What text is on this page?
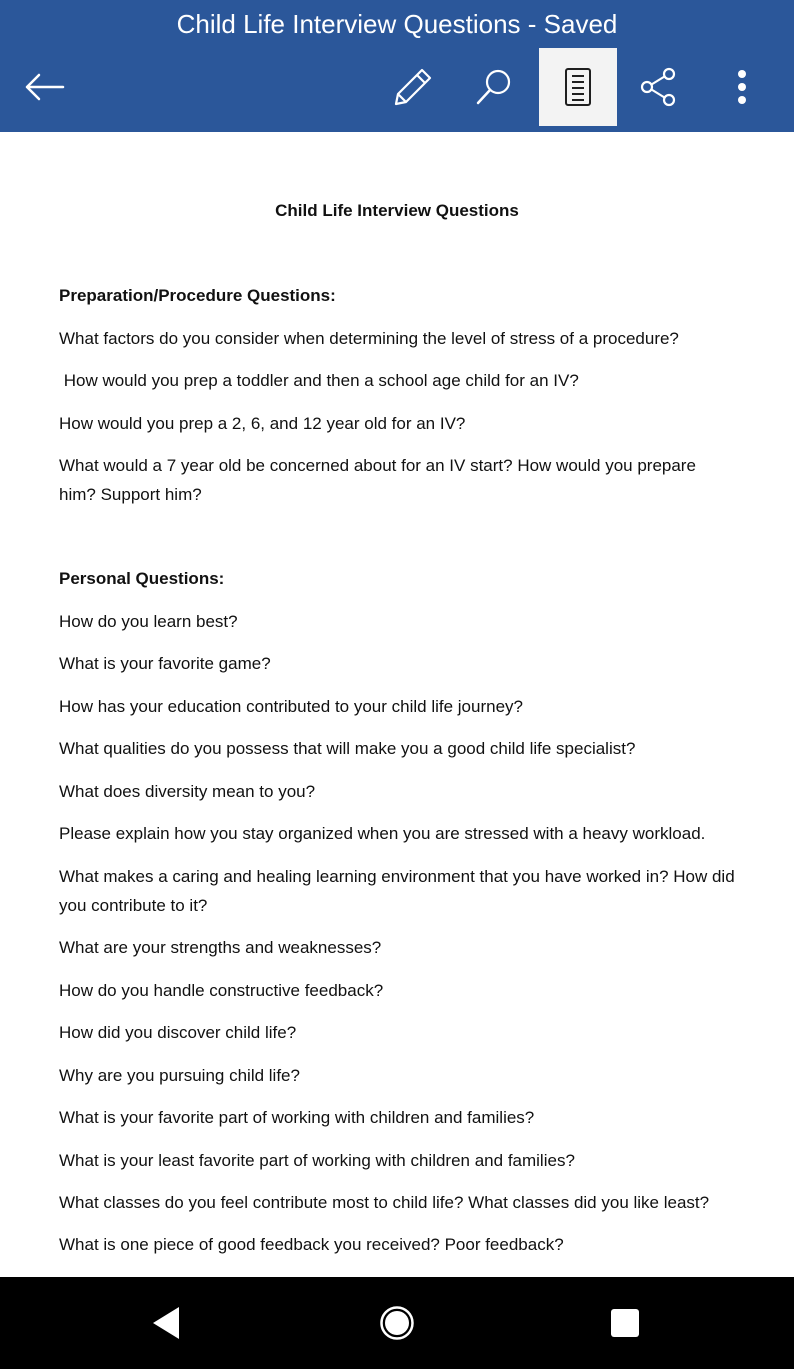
Child Life Interview Questions - Saved
Child Life Interview Questions
Preparation/Procedure Questions:
What factors do you consider when determining the level of stress of a procedure?
How would you prep a toddler and then a school age child for an IV?
How would you prep a 2, 6, and 12 year old for an IV?
What would a 7 year old be concerned about for an IV start? How would you prepare him? Support him?
Personal Questions:
How do you learn best?
What is your favorite game?
How has your education contributed to your child life journey?
What qualities do you possess that will make you a good child life specialist?
What does diversity mean to you?
Please explain how you stay organized when you are stressed with a heavy workload.
What makes a caring and healing learning environment that you have worked in? How did you contribute to it?
What are your strengths and weaknesses?
How do you handle constructive feedback?
How did you discover child life?
Why are you pursuing child life?
What is your favorite part of working with children and families?
What is your least favorite part of working with children and families?
What classes do you feel contribute most to child life? What classes did you like least?
What is one piece of good feedback you received? Poor feedback?
